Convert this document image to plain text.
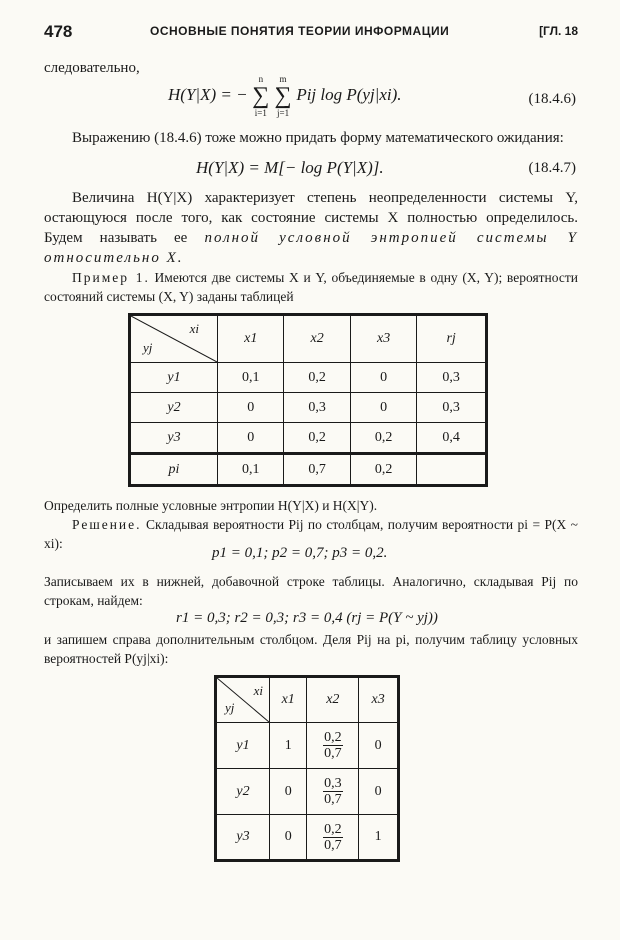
478	ОСНОВНЫЕ ПОНЯТИЯ ТЕОРИИ ИНФОРМАЦИИ	[ГЛ. 18
следовательно,
H(Y|X) = − ∑
n
i=1
∑
m
j=1
Pij log P(yj|xi).	(18.4.6)
Выражению (18.4.6) тоже можно придать форму математического ожидания:
H(Y|X) = M[− log P(Y|X)].	(18.4.7)
Величина H(Y|X) характеризует степень неопределенности системы Y, остающуюся после того, как состояние системы X полностью определилось. Будем называть ее полной условной энтропией системы Y относительно X.
Пример 1. Имеются две системы X и Y, объединяемые в одну (X, Y); вероятности состояний системы (X, Y) заданы таблицей
xi
yj	x1	x2	x3	rj
y1	0,1	0,2	0	0,3
y2	0	0,3	0	0,3
y3	0	0,2	0,2	0,4
pi	0,1	0,7	0,2	
Определить полные условные энтропии H(Y|X) и H(X|Y).
Решение. Складывая вероятности Pij по столбцам, получим вероятности pi = P(X ~ xi):
p1 = 0,1; p2 = 0,7; p3 = 0,2.
Записываем их в нижней, добавочной строке таблицы. Аналогично, складывая Pij по строкам, найдем:
r1 = 0,3; r2 = 0,3; r3 = 0,4 (rj = P(Y ~ yj))
и запишем справа дополнительным столбцом. Деля Pij на pi, получим таблицу условных вероятностей P(yj|xi):
xi
yj	x1	x2	x3
y1	1	$\frac{0,2}{0,7}$	0
y2	0	$\frac{0,3}{0,7}$	0
y3	0	$\frac{0,2}{0,7}$	1
